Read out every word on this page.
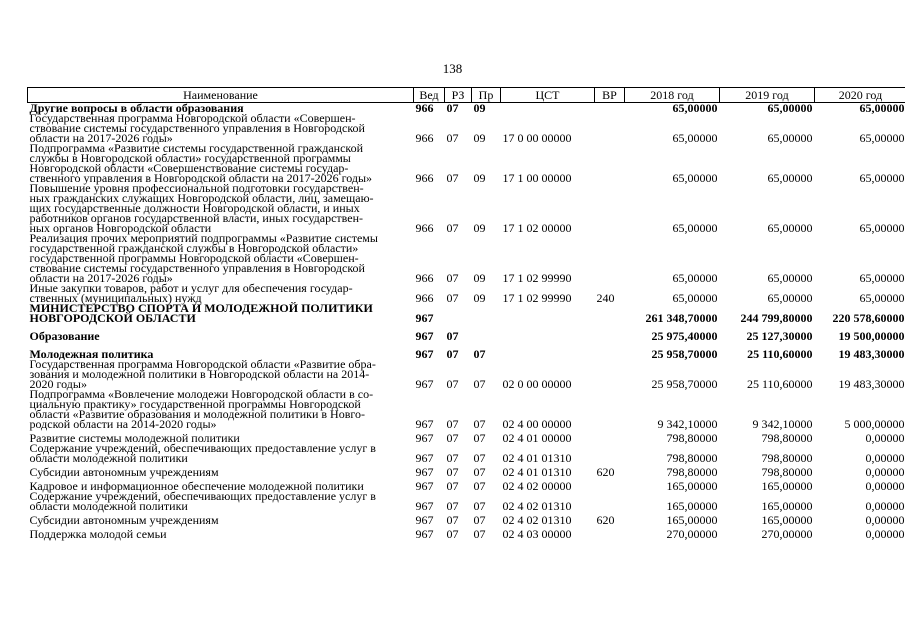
138
Наименование	Вед	РЗ	Пр	ЦСТ	ВР	2018 год	2019 год	2020 год
Другие вопросы в области образования	966	07	09			65,00000	65,00000	65,00000
Государственная программа Новгородской области «Совершен-
ствование системы государственного управления в Новгородской
области на 2017-2026 годы»	966	07	09	17 0 00 00000		65,00000	65,00000	65,00000
Подпрограмма «Развитие системы государственной гражданской
службы в Новгородской области» государственной программы
Новгородской области «Совершенствование системы государ-
ственного управления в Новгородской области на 2017-2026 годы»	966	07	09	17 1 00 00000		65,00000	65,00000	65,00000
Повышение уровня профессиональной подготовки государствен-
ных гражданских служащих Новгородской области, лиц, замещаю-
щих государственные должности Новгородской области, и иных
работников органов государственной власти, иных государствен-
ных органов Новгородской области	966	07	09	17 1 02 00000		65,00000	65,00000	65,00000
Реализация прочих мероприятий подпрограммы «Развитие системы
государственной гражданской службы в Новгородской области»
государственной программы Новгородской области «Совершен-
ствование системы государственного управления в Новгородской
области на 2017-2026 годы»	966	07	09	17 1 02 99990		65,00000	65,00000	65,00000
Иные закупки товаров, работ и услуг для обеспечения государ-
ственных (муниципальных) нужд	966	07	09	17 1 02 99990	240	65,00000	65,00000	65,00000
МИНИСТЕРСТВО СПОРТА И МОЛОДЕЖНОЙ ПОЛИТИКИ
НОВГОРОДСКОЙ ОБЛАСТИ	967					261 348,70000	244 799,80000	220 578,60000
Образование	967	07				25 975,40000	25 127,30000	19 500,00000
Молодежная политика	967	07	07			25 958,70000	25 110,60000	19 483,30000
Государственная программа Новгородской области «Развитие обра-
зования и молодежной политики в Новгородской области на 2014-
2020 годы»	967	07	07	02 0 00 00000		25 958,70000	25 110,60000	19 483,30000
Подпрограмма «Вовлечение молодежи Новгородской области в со-
циальную практику» государственной программы Новгородской
области «Развитие образования и молодежной политики в Новго-
родской области на 2014-2020 годы»	967	07	07	02 4 00 00000		9 342,10000	9 342,10000	5 000,00000
Развитие системы молодежной политики	967	07	07	02 4 01 00000		798,80000	798,80000	0,00000
Содержание учреждений, обеспечивающих предоставление услуг в
области молодежной политики	967	07	07	02 4 01 01310		798,80000	798,80000	0,00000
Субсидии автономным учреждениям	967	07	07	02 4 01 01310	620	798,80000	798,80000	0,00000
Кадровое и информационное обеспечение молодежной политики	967	07	07	02 4 02 00000		165,00000	165,00000	0,00000
Содержание учреждений, обеспечивающих предоставление услуг в
области молодежной политики	967	07	07	02 4 02 01310		165,00000	165,00000	0,00000
Субсидии автономным учреждениям	967	07	07	02 4 02 01310	620	165,00000	165,00000	0,00000
Поддержка молодой семьи	967	07	07	02 4 03 00000		270,00000	270,00000	0,00000
